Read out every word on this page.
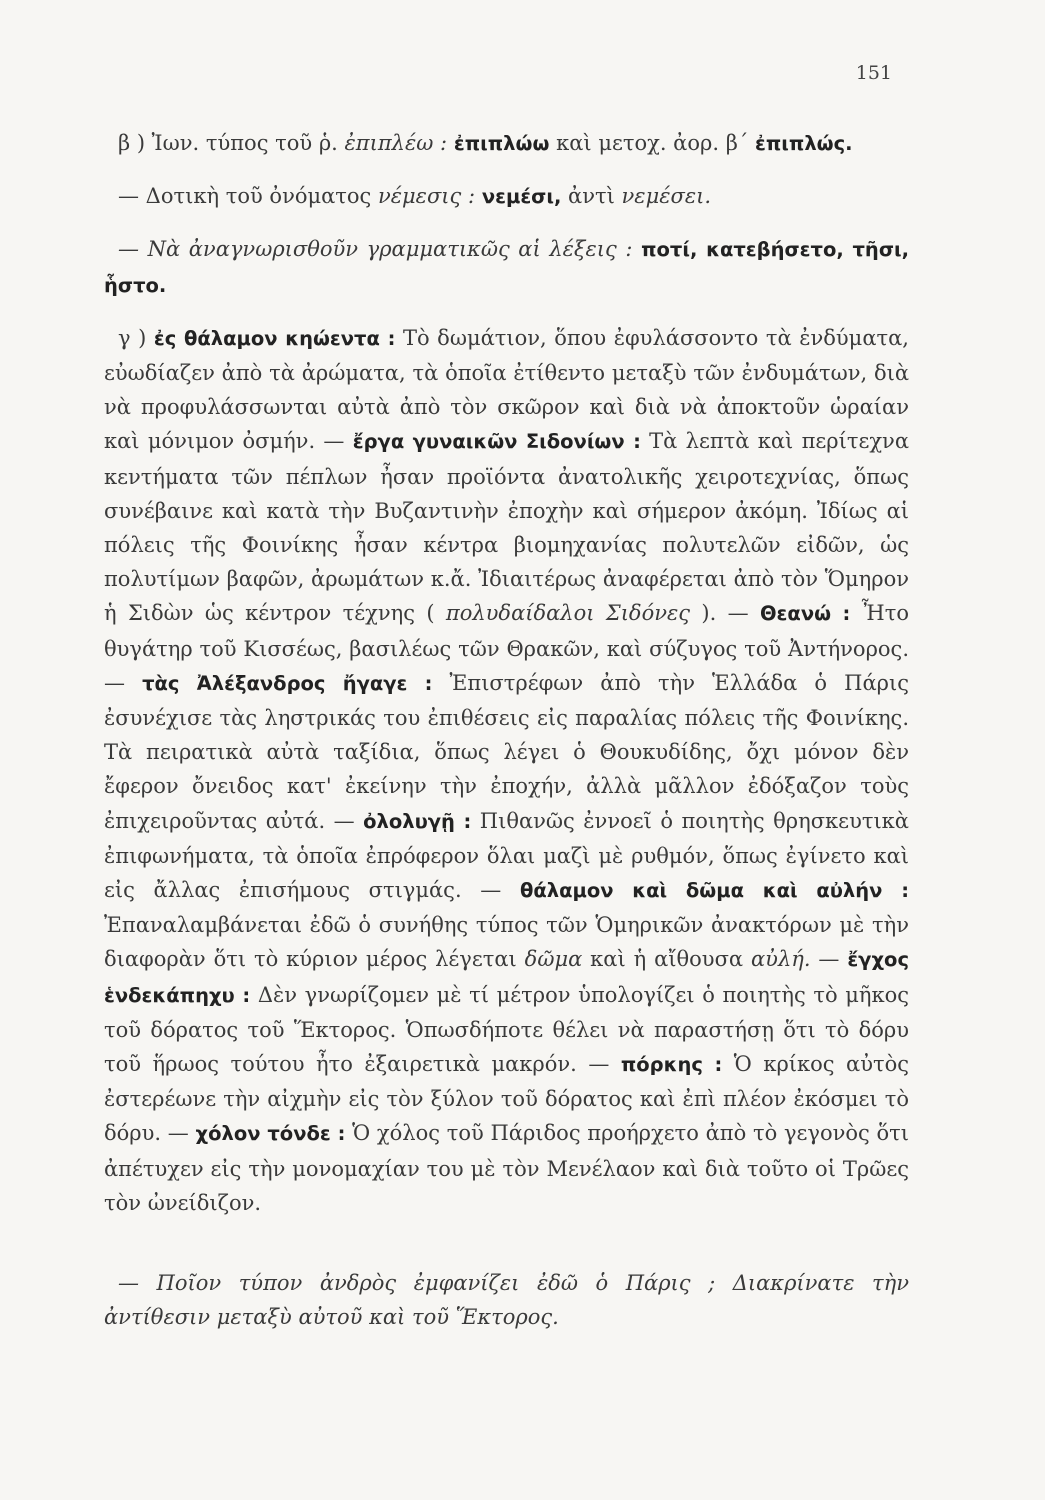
151

β ) Ἰων. τύπος τοῦ ῥ. ἐπιπλέω : ἐπιπλώω καὶ μετοχ. ἀορ. β΄ ἐπιπλώς.

— Δοτικὴ τοῦ ὀνόματος νέμεσις : νεμέσι, ἀντὶ νεμέσει.

— Νὰ ἀναγνωρισθοῦν γραμματικῶς αἱ λέξεις : ποτί, κατεβήσετο, τῆσι, ἧστο.

γ ) ἐς θάλαμον κηώεντα : Τὸ δωμάτιον, ὅπου ἐφυλάσσοντο τὰ ἐνδύματα, εὐωδίαζεν ἀπὸ τὰ ἀρώματα, τὰ ὁποῖα ἐτίθεντο μεταξὺ τῶν ἐνδυμάτων, διὰ νὰ προφυλάσσωνται αὐτὰ ἀπὸ τὸν σκῶρον καὶ διὰ νὰ ἀποκτοῦν ὡραίαν καὶ μόνιμον ὀσμήν. — ἔργα γυναικῶν Σιδονίων : Τὰ λεπτὰ καὶ περίτεχνα κεντήματα τῶν πέπλων ἦσαν προϊόντα ἀνατολικῆς χειροτεχνίας, ὅπως συνέβαινε καὶ κατὰ τὴν Βυζαντινὴν ἐποχὴν καὶ σήμερον ἀκόμη. Ἰδίως αἱ πόλεις τῆς Φοινίκης ἦσαν κέντρα βιομηχανίας πολυτελῶν εἰδῶν, ὡς πολυτίμων βαφῶν, ἀρωμάτων κ.ἄ. Ἰδιαιτέρως ἀναφέρεται ἀπὸ τὸν Ὅμηρον ἡ Σιδὼν ὡς κέντρον τέχνης ( πολυδαίδαλοι Σιδόνες ). — Θεανώ : Ἦτο θυγάτηρ τοῦ Κισσέως, βασιλέως τῶν Θρακῶν, καὶ σύζυγος τοῦ Ἀντήνορος. — τὰς Ἀλέξανδρος ἤγαγε : Ἐπιστρέφων ἀπὸ τὴν Ἑλλάδα ὁ Πάρις ἐσυνέχισε τὰς ληστρικάς του ἐπιθέσεις εἰς παραλίας πόλεις τῆς Φοινίκης. Τὰ πειρατικὰ αὐτὰ ταξίδια, ὅπως λέγει ὁ Θουκυδίδης, ὄχι μόνον δὲν ἔφερον ὄνειδος κατ' ἐκείνην τὴν ἐποχήν, ἀλλὰ μᾶλλον ἐδόξαζον τοὺς ἐπιχειροῦντας αὐτά. — ὀλολυγῇ : Πιθανῶς ἐννοεῖ ὁ ποιητὴς θρησκευτικὰ ἐπιφωνήματα, τὰ ὁποῖα ἐπρόφερον ὅλαι μαζὶ μὲ ρυθμόν, ὅπως ἐγίνετο καὶ εἰς ἄλλας ἐπισήμους στιγμάς. — θάλαμον καὶ δῶμα καὶ αὐλήν : Ἐπαναλαμβάνεται ἐδῶ ὁ συνήθης τύπος τῶν Ὁμηρικῶν ἀνακτόρων μὲ τὴν διαφορὰν ὅτι τὸ κύριον μέρος λέγεται δῶμα καὶ ἡ αἴθουσα αὐλή. — ἔγχος ἑνδεκάπηχυ : Δὲν γνωρίζομεν μὲ τί μέτρον ὑπολογίζει ὁ ποιητὴς τὸ μῆκος τοῦ δόρατος τοῦ Ἕκτορος. Ὁπωσδήποτε θέλει νὰ παραστήσῃ ὅτι τὸ δόρυ τοῦ ἥρωος τούτου ἦτο ἐξαιρετικὰ μακρόν. — πόρκης : Ὁ κρίκος αὐτὸς ἐστερέωνε τὴν αἰχμὴν εἰς τὸν ξύλον τοῦ δόρατος καὶ ἐπὶ πλέον ἐκόσμει τὸ δόρυ. — χόλον τόνδε : Ὁ χόλος τοῦ Πάριδος προήρχετο ἀπὸ τὸ γεγονὸς ὅτι ἀπέτυχεν εἰς τὴν μονομαχίαν του μὲ τὸν Μενέλαον καὶ διὰ τοῦτο οἱ Τρῶες τὸν ὠνείδιζον.

— Ποῖον τύπον ἀνδρὸς ἐμφανίζει ἐδῶ ὁ Πάρις ; Διακρίνατε τὴν ἀντίθεσιν μεταξὺ αὐτοῦ καὶ τοῦ Ἕκτορος.
